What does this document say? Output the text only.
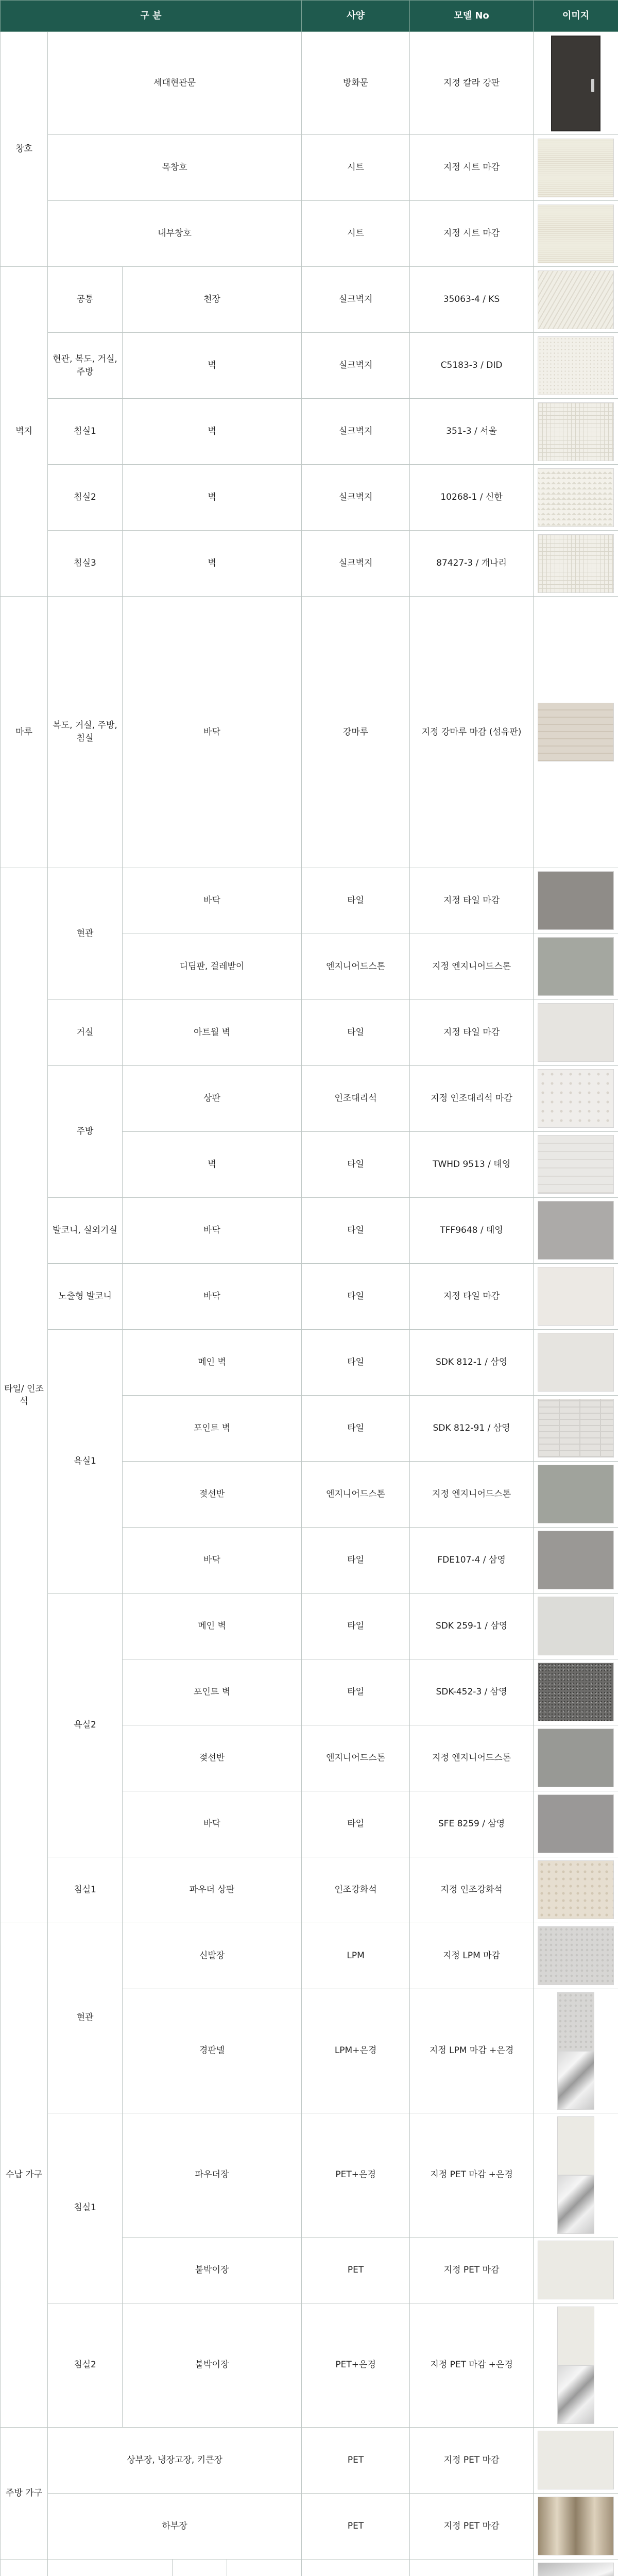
구 분					사양	모델 No	이미지	
창호	세대현관문				방화문	지정 칼라 강판	

	목창호				시트	지정 시트 마감	

	내부창호				시트	지정 시트 마감	

벽지	공통	천장			실크벽지	35063-4 / KS	

	현관, 복도, 거실, 주방	벽			실크벽지	C5183-3 / DID	

	침실1	벽			실크벽지	351-3 / 서울	

	침실2	벽			실크벽지	10268-1 / 신한	

	침실3	벽			실크벽지	87427-3 / 개나리	

마루	복도, 거실, 주방, 침실	바닥			강마루	지정 강마루 마감 (섬유판)	

타일/ 인조석	현관	바닥			타일	지정 타일 마감	

		디딤판, 걸레받이			엔지니어드스톤	지정 엔지니어드스톤	

	거실	아트월 벽			타일	지정 타일 마감	

	주방	상판			인조대리석	지정 인조대리석 마감	

		벽			타일	TWHD 9513 / 태영	

	발코니, 실외기실	바닥			타일	TFF9648 / 태영	

	노출형 발코니	바닥			타일	지정 타일 마감	

	욕실1	메인 벽			타일	SDK 812-1 / 삼영	

		포인트 벽			타일	SDK 812-91 / 삼영	

		젖선반			엔지니어드스톤	지정 엔지니어드스톤	

		바닥			타일	FDE107-4 / 삼영	

	욕실2	메인 벽			타일	SDK 259-1 / 삼영	

		포인트 벽			타일	SDK-452-3 / 삼영	

		젖선반			엔지니어드스톤	지정 엔지니어드스톤	

		바닥			타일	SFE 8259 / 삼영	

	침실1	파우더 상판			인조강화석	지정 인조강화석	

수납 가구	현관	신발장			LPM	지정 LPM 마감	

		경판넬			LPM+은경	지정 LPM 마감 +은경		
	침실1	파우더장			PET+은경	지정 PET 마감 +은경		
		붙박이장			PET	지정 PET 마감	

	침실2	붙박이장			PET+은경	지정 PET 마감 +은경		
주방 가구	상부장, 냉장고장, 키큰장				PET	지정 PET 마감	

	하부장				PET	지정 PET 마감	
